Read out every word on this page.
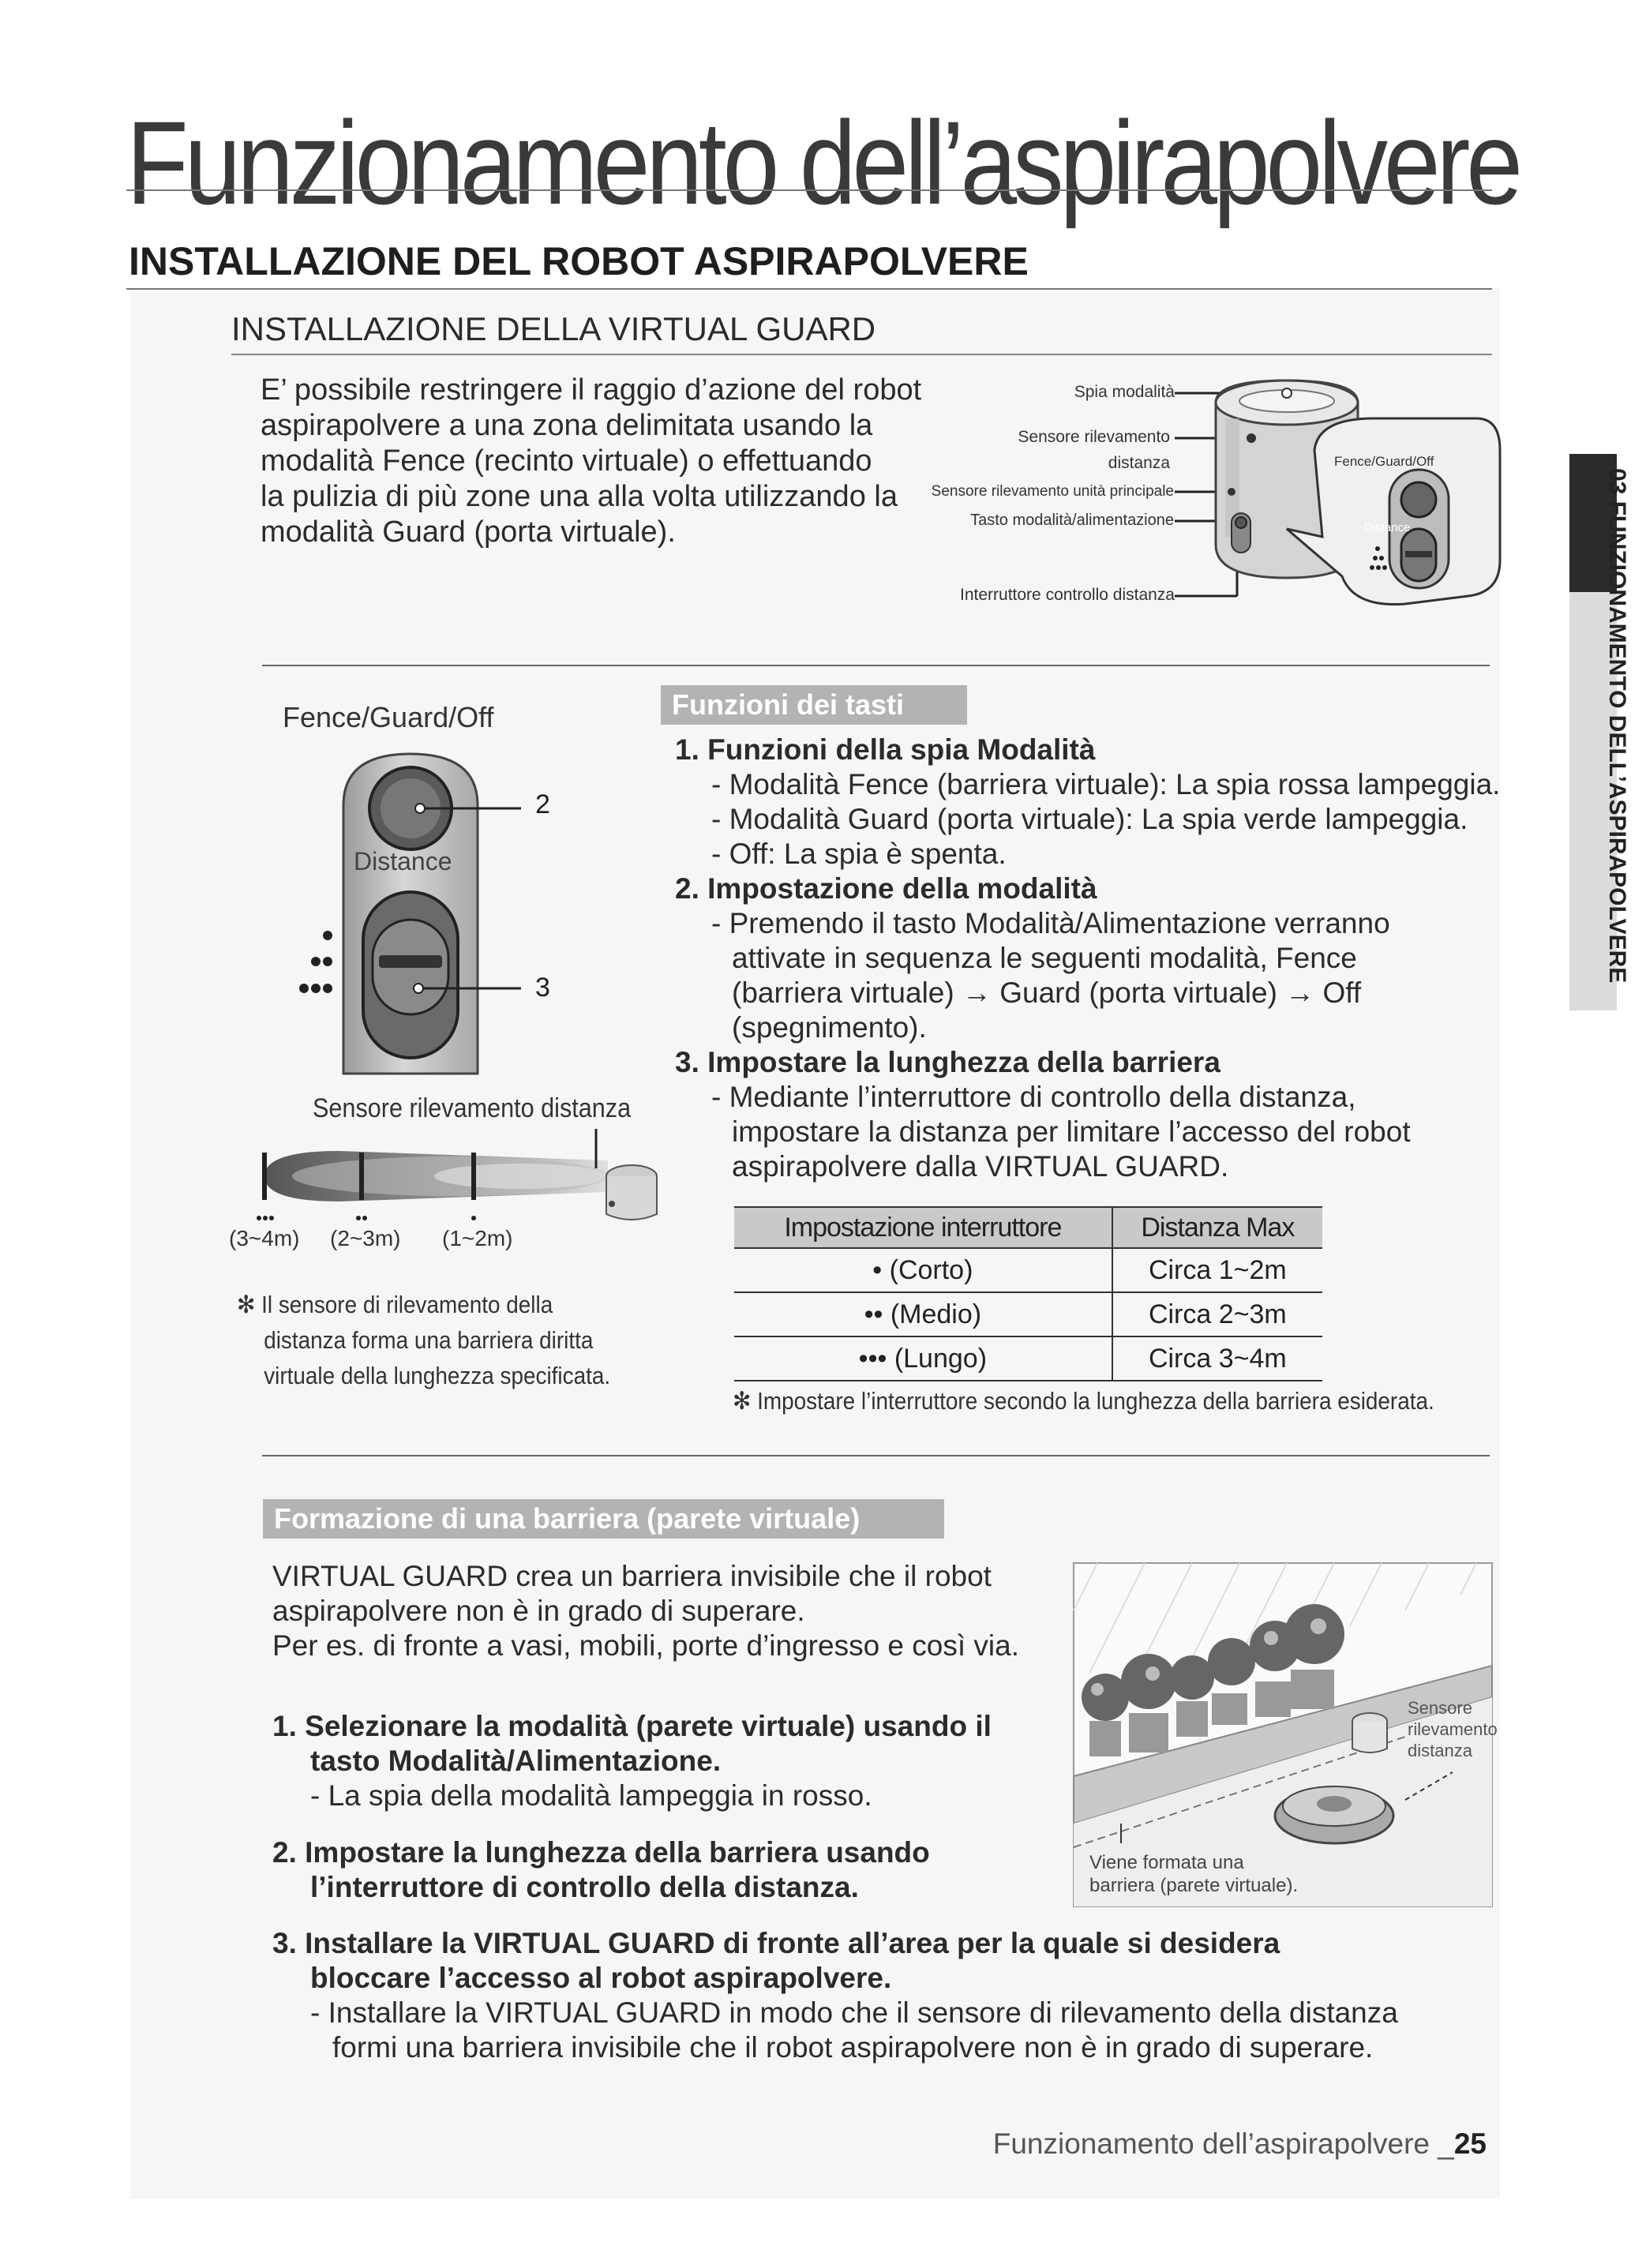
Funzionamento dell’aspirapolvere
INSTALLAZIONE DEL ROBOT ASPIRAPOLVERE
INSTALLAZIONE DELLA VIRTUAL GUARD
03 FUNZIONAMENTO DELL’ASPIRAPOLVERE
E’ possibile restringere il raggio d’azione del robot
aspirapolvere a una zona delimitata usando la
modalità Fence (recinto virtuale) o effettuando
la pulizia di più zone una alla volta utilizzando la
modalità Guard (porta virtuale).
Spia modalità
Sensore rilevamento
distanza
Sensore rilevamento unità principale
Tasto modalità/alimentazione
Interruttore controllo distanza
Fence/Guard/Off
Distance
Fence/Guard/Off
Distance
2
3
Sensore rilevamento distanza
(3~4m) (2~3m) (1~2m)
✻ Il sensore di rilevamento della
distanza forma una barriera diritta
virtuale della lunghezza specificata.
Funzioni dei tasti
1. Funzioni della spia Modalità
- Modalità Fence (barriera virtuale): La spia rossa lampeggia.
- Modalità Guard (porta virtuale): La spia verde lampeggia.
- Off: La spia è spenta.
2. Impostazione della modalità
- Premendo il tasto Modalità/Alimentazione verranno
attivate in sequenza le seguenti modalità, Fence
(barriera virtuale) → Guard (porta virtuale) → Off
(spegnimento).
3. Impostare la lunghezza della barriera
- Mediante l’interruttore di controllo della distanza,
impostare la distanza per limitare l’accesso del robot
aspirapolvere dalla VIRTUAL GUARD.
Impostazione interruttore	Distanza Max
• (Corto)	Circa 1~2m
•• (Medio)	Circa 2~3m
••• (Lungo)	Circa 3~4m
✻ Impostare l’interruttore secondo la lunghezza della barriera esiderata.
Formazione di una barriera (parete virtuale)
VIRTUAL GUARD crea un barriera invisibile che il robot
aspirapolvere non è in grado di superare.
Per es. di fronte a vasi, mobili, porte d’ingresso e così via.
1. Selezionare la modalità (parete virtuale) usando il
tasto Modalità/Alimentazione.
- La spia della modalità lampeggia in rosso.
2. Impostare la lunghezza della barriera usando
l’interruttore di controllo della distanza.
3. Installare la VIRTUAL GUARD di fronte all’area per la quale si desidera
bloccare l’accesso al robot aspirapolvere.
- Installare la VIRTUAL GUARD in modo che il sensore di rilevamento della distanza
formi una barriera invisibile che il robot aspirapolvere non è in grado di superare.
Sensore
rilevamento
distanza
Viene formata una
barriera (parete virtuale).
Funzionamento dell’aspirapolvere _25
